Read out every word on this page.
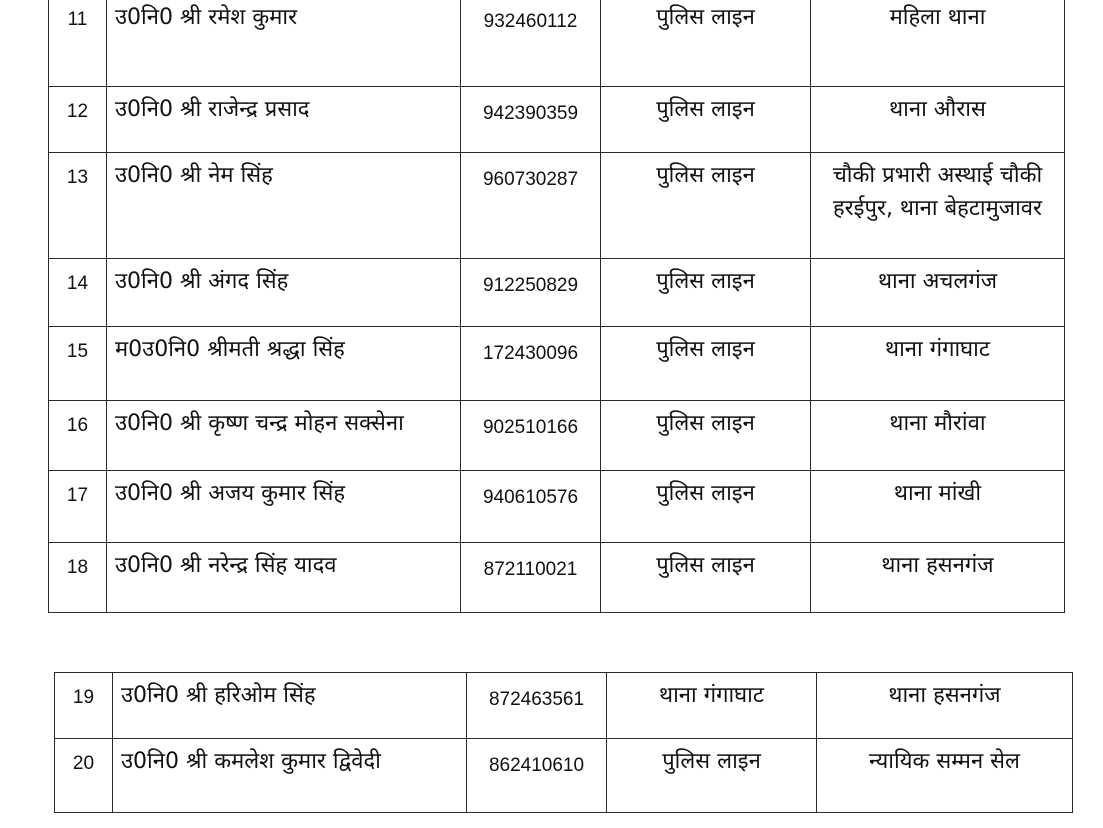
11	उ0नि0 श्री रमेश कुमार	932460112	पुलिस लाइन	महिला थाना
12	उ0नि0 श्री राजेन्द्र प्रसाद	942390359	पुलिस लाइन	थाना औरास
13	उ0नि0 श्री नेम सिंह	960730287	पुलिस लाइन	चौकी प्रभारी अस्थाई चौकी हरईपुर, थाना बेहटामुजावर
14	उ0नि0 श्री अंगद सिंह	912250829	पुलिस लाइन	थाना अचलगंज
15	म0उ0नि0 श्रीमती श्रद्धा सिंह	172430096	पुलिस लाइन	थाना गंगाघाट
16	उ0नि0 श्री कृष्ण चन्द्र मोहन सक्सेना	902510166	पुलिस लाइन	थाना मौरांवा
17	उ0नि0 श्री अजय कुमार सिंह	940610576	पुलिस लाइन	थाना मांखी
18	उ0नि0 श्री नरेन्द्र सिंह यादव	872110021	पुलिस लाइन	थाना हसनगंज
19	उ0नि0 श्री हरिओम सिंह	872463561	थाना गंगाघाट	थाना हसनगंज
20	उ0नि0 श्री कमलेश कुमार द्विवेदी	862410610	पुलिस लाइन	न्यायिक सम्मन सेल
